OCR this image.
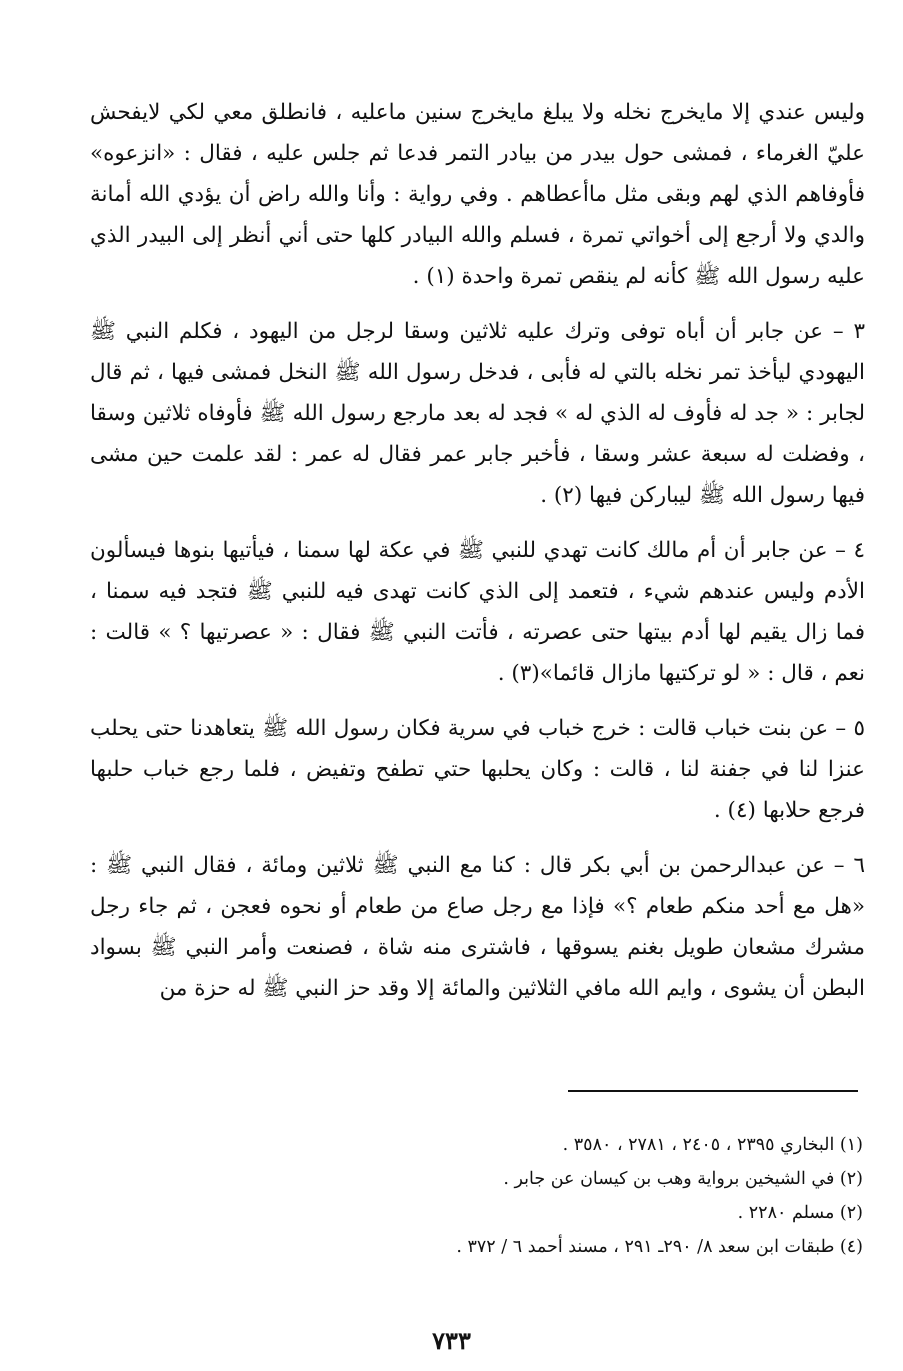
وليس عندي إلا مايخرج نخله ولا يبلغ مايخرج سنين ماعليه ، فانطلق معي لكي لايفحش عليّ الغرماء ، فمشى حول بيدر من بيادر التمر فدعا ثم جلس عليه ، فقال : «انزعوه» فأوفاهم الذي لهم وبقى مثل ماأعطاهم . وفي رواية : وأنا والله راض أن يؤدي الله أمانة والدي ولا أرجع إلى أخواتي تمرة ، فسلم والله البيادر كلها حتى أني أنظر إلى البيدر الذي عليه رسول الله ﷺ كأنه لم ينقص تمرة واحدة (١) .

٣ – عن جابر أن أباه توفى وترك عليه ثلاثين وسقا لرجل من اليهود ، فكلم النبي ﷺ اليهودي ليأخذ تمر نخله بالتي له فأبى ، فدخل رسول الله ﷺ النخل فمشى فيها ، ثم قال لجابر : « جد له فأوف له الذي له » فجد له بعد مارجع رسول الله ﷺ فأوفاه ثلاثين وسقا ، وفضلت له سبعة عشر وسقا ، فأخبر جابر عمر فقال له عمر : لقد علمت حين مشى فيها رسول الله ﷺ ليباركن فيها (٢) .

٤ – عن جابر أن أم مالك كانت تهدي للنبي ﷺ في عكة لها سمنا ، فيأتيها بنوها فيسألون الأدم وليس عندهم شيء ، فتعمد إلى الذي كانت تهدى فيه للنبي ﷺ فتجد فيه سمنا ، فما زال يقيم لها أدم بيتها حتى عصرته ، فأتت النبي ﷺ فقال : « عصرتيها ؟ » قالت : نعم ، قال : « لو تركتيها مازال قائما»(٣) .

٥ – عن بنت خباب قالت : خرج خباب في سرية فكان رسول الله ﷺ يتعاهدنا حتى يحلب عنزا لنا في جفنة لنا ، قالت : وكان يحلبها حتي تطفح وتفيض ، فلما رجع خباب حلبها فرجع حلابها (٤) .

٦ – عن عبدالرحمن بن أبي بكر قال : كنا مع النبي ﷺ ثلاثين ومائة ، فقال النبي ﷺ : «هل مع أحد منكم طعام ؟» فإذا مع رجل صاع من طعام أو نحوه فعجن ، ثم جاء رجل مشرك مشعان طويل بغنم يسوقها ، فاشترى منه شاة ، فصنعت وأمر النبي ﷺ بسواد البطن أن يشوى ، وايم الله مافي الثلاثين والمائة إلا وقد حز النبي ﷺ له حزة من

(١) البخاري ٢٣٩٥ ، ٢٤٠٥ ، ٢٧٨١ ، ٣٥٨٠ .

(٢) في الشيخين برواية وهب بن كيسان عن جابر .

(٢) مسلم ٢٢٨٠ .

(٤) طبقات ابن سعد ٨/ ٢٩٠ـ ٢٩١ ، مسند أحمد ٦ / ٣٧٢ .

٧٣٣
